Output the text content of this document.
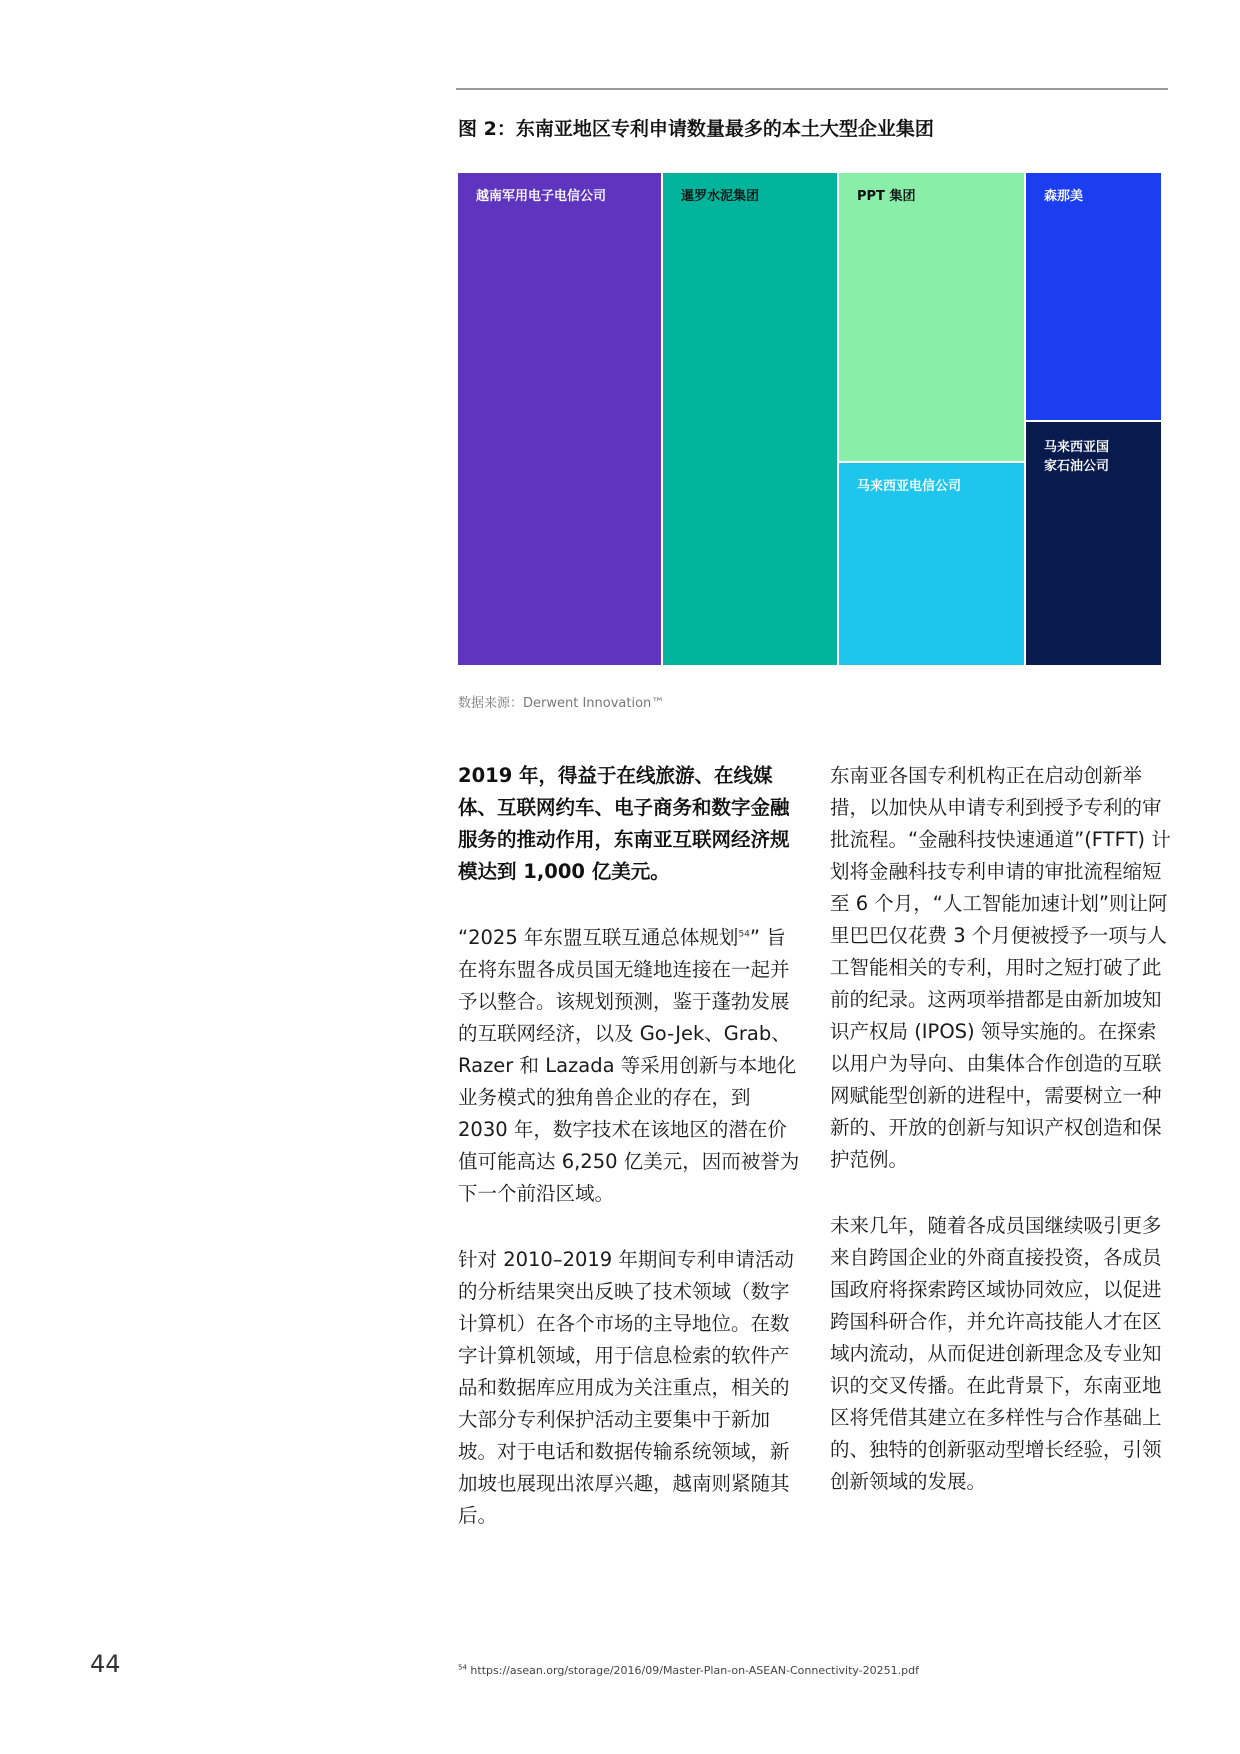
图 2：东南亚地区专利申请数量最多的本土大型企业集团
越南军用电子电信公司	暹罗水泥集团	PPT 集团
马来西亚电信公司
森那美
马来西亚国
家石油公司
数据来源：Derwent Innovation™

2019 年，得益于在线旅游、在线媒体、互联网约车、电子商务和数字金融服务的推动作用，东南亚互联网经济规模达到 1,000 亿美元。

“2025 年东盟互联互通总体规划$^{54}$” 旨在将东盟各成员国无缝地连接在一起并予以整合。该规划预测，鉴于蓬勃发展的互联网经济，以及 Go-Jek、Grab、Razer 和 Lazada 等采用创新与本地化业务模式的独角兽企业的存在，到 2030 年，数字技术在该地区的潜在价值可能高达 6,250 亿美元，因而被誉为下一个前沿区域。

针对 2010–2019 年期间专利申请活动的分析结果突出反映了技术领域（数字计算机）在各个市场的主导地位。在数字计算机领域，用于信息检索的软件产品和数据库应用成为关注重点，相关的大部分专利保护活动主要集中于新加坡。对于电话和数据传输系统领域，新加坡也展现出浓厚兴趣，越南则紧随其后。

东南亚各国专利机构正在启动创新举措，以加快从申请专利到授予专利的审批流程。“金融科技快速通道”(FTFT) 计划将金融科技专利申请的审批流程缩短至 6 个月，“人工智能加速计划”则让阿里巴巴仅花费 3 个月便被授予一项与人工智能相关的专利，用时之短打破了此前的纪录。这两项举措都是由新加坡知识产权局 (IPOS) 领导实施的。在探索以用户为导向、由集体合作创造的互联网赋能型创新的进程中，需要树立一种新的、开放的创新与知识产权创造和保护范例。

未来几年，随着各成员国继续吸引更多来自跨国企业的外商直接投资，各成员国政府将探索跨区域协同效应，以促进跨国科研合作，并允许高技能人才在区域内流动，从而促进创新理念及专业知识的交叉传播。在此背景下，东南亚地区将凭借其建立在多样性与合作基础上的、独特的创新驱动型增长经验，引领创新领域的发展。

44	$^{54}$ https://asean.org/storage/2016/09/Master-Plan-on-ASEAN-Connectivity-20251.pdf
